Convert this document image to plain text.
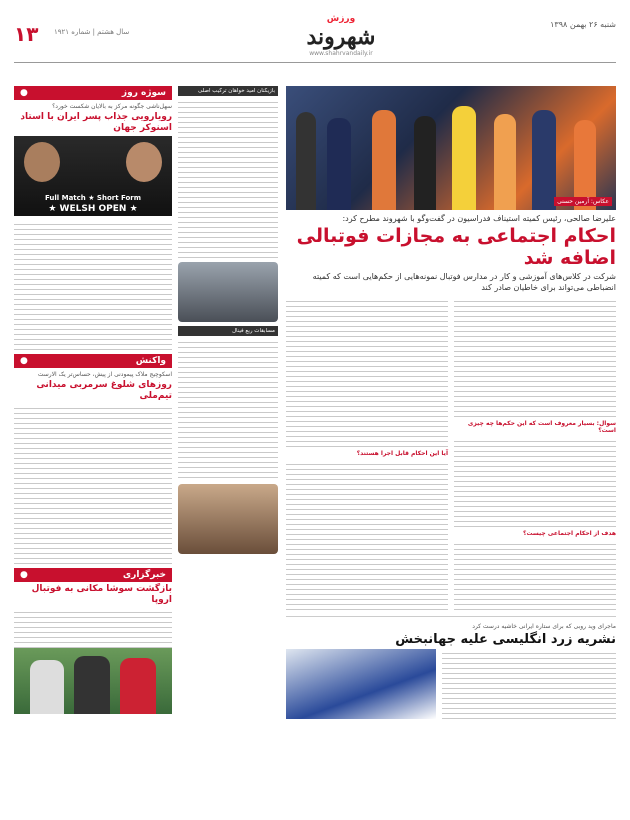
شنبه ۲۶ بهمن ۱۳۹۸
ورزش
شهروند
www.shahrvandaily.ir
سال هشتم | شماره ۱۹۲۱
۱۳
عکاس: آرمین حسنی
علیرضا صالحی، رئیس کمیته استیناف فدراسیون در گفت‌وگو با شهروند مطرح کرد:
احکام اجتماعی به مجازات فوتبالی اضافه شد
شرکت در کلاس‌های آموزشی و کار در مدارس فوتبال نمونه‌هایی از حکم‌هایی است که کمیته انضباطی می‌تواند برای خاطیان صادر کند
سوال: بسیار معروف است که این حکم‌ها چه چیزی است؟
هدف از احکام اجتماعی چیست؟
آیا این احکام قابل اجرا هستند؟
ماجرای وید روبی که برای ستاره ایرانی خاشیه درست کرد
نشریه زرد انگلیسی علیه جهانبخش
بازیکنان امید خواهان ترکیب اصلی
مسابقات ربع فینال
سوژه روز
●
سهل‌ناشی جگونه مرکز به بالایان شکست خورد؟
رویارویی جذاب پسر ایران با استاد اسنوکر جهان
Full Match ★ Short Form
★ WELSH OPEN ★
واکنش
●
اسکوچیج ملاک پیمودنی از پیش، حساس‌تر یک الارست
روزهای شلوغ سرمربی میدانی تیم‌ملی
خبرگزاری
●
بازگشت سوشا مکانی به فوتبال اروپا
